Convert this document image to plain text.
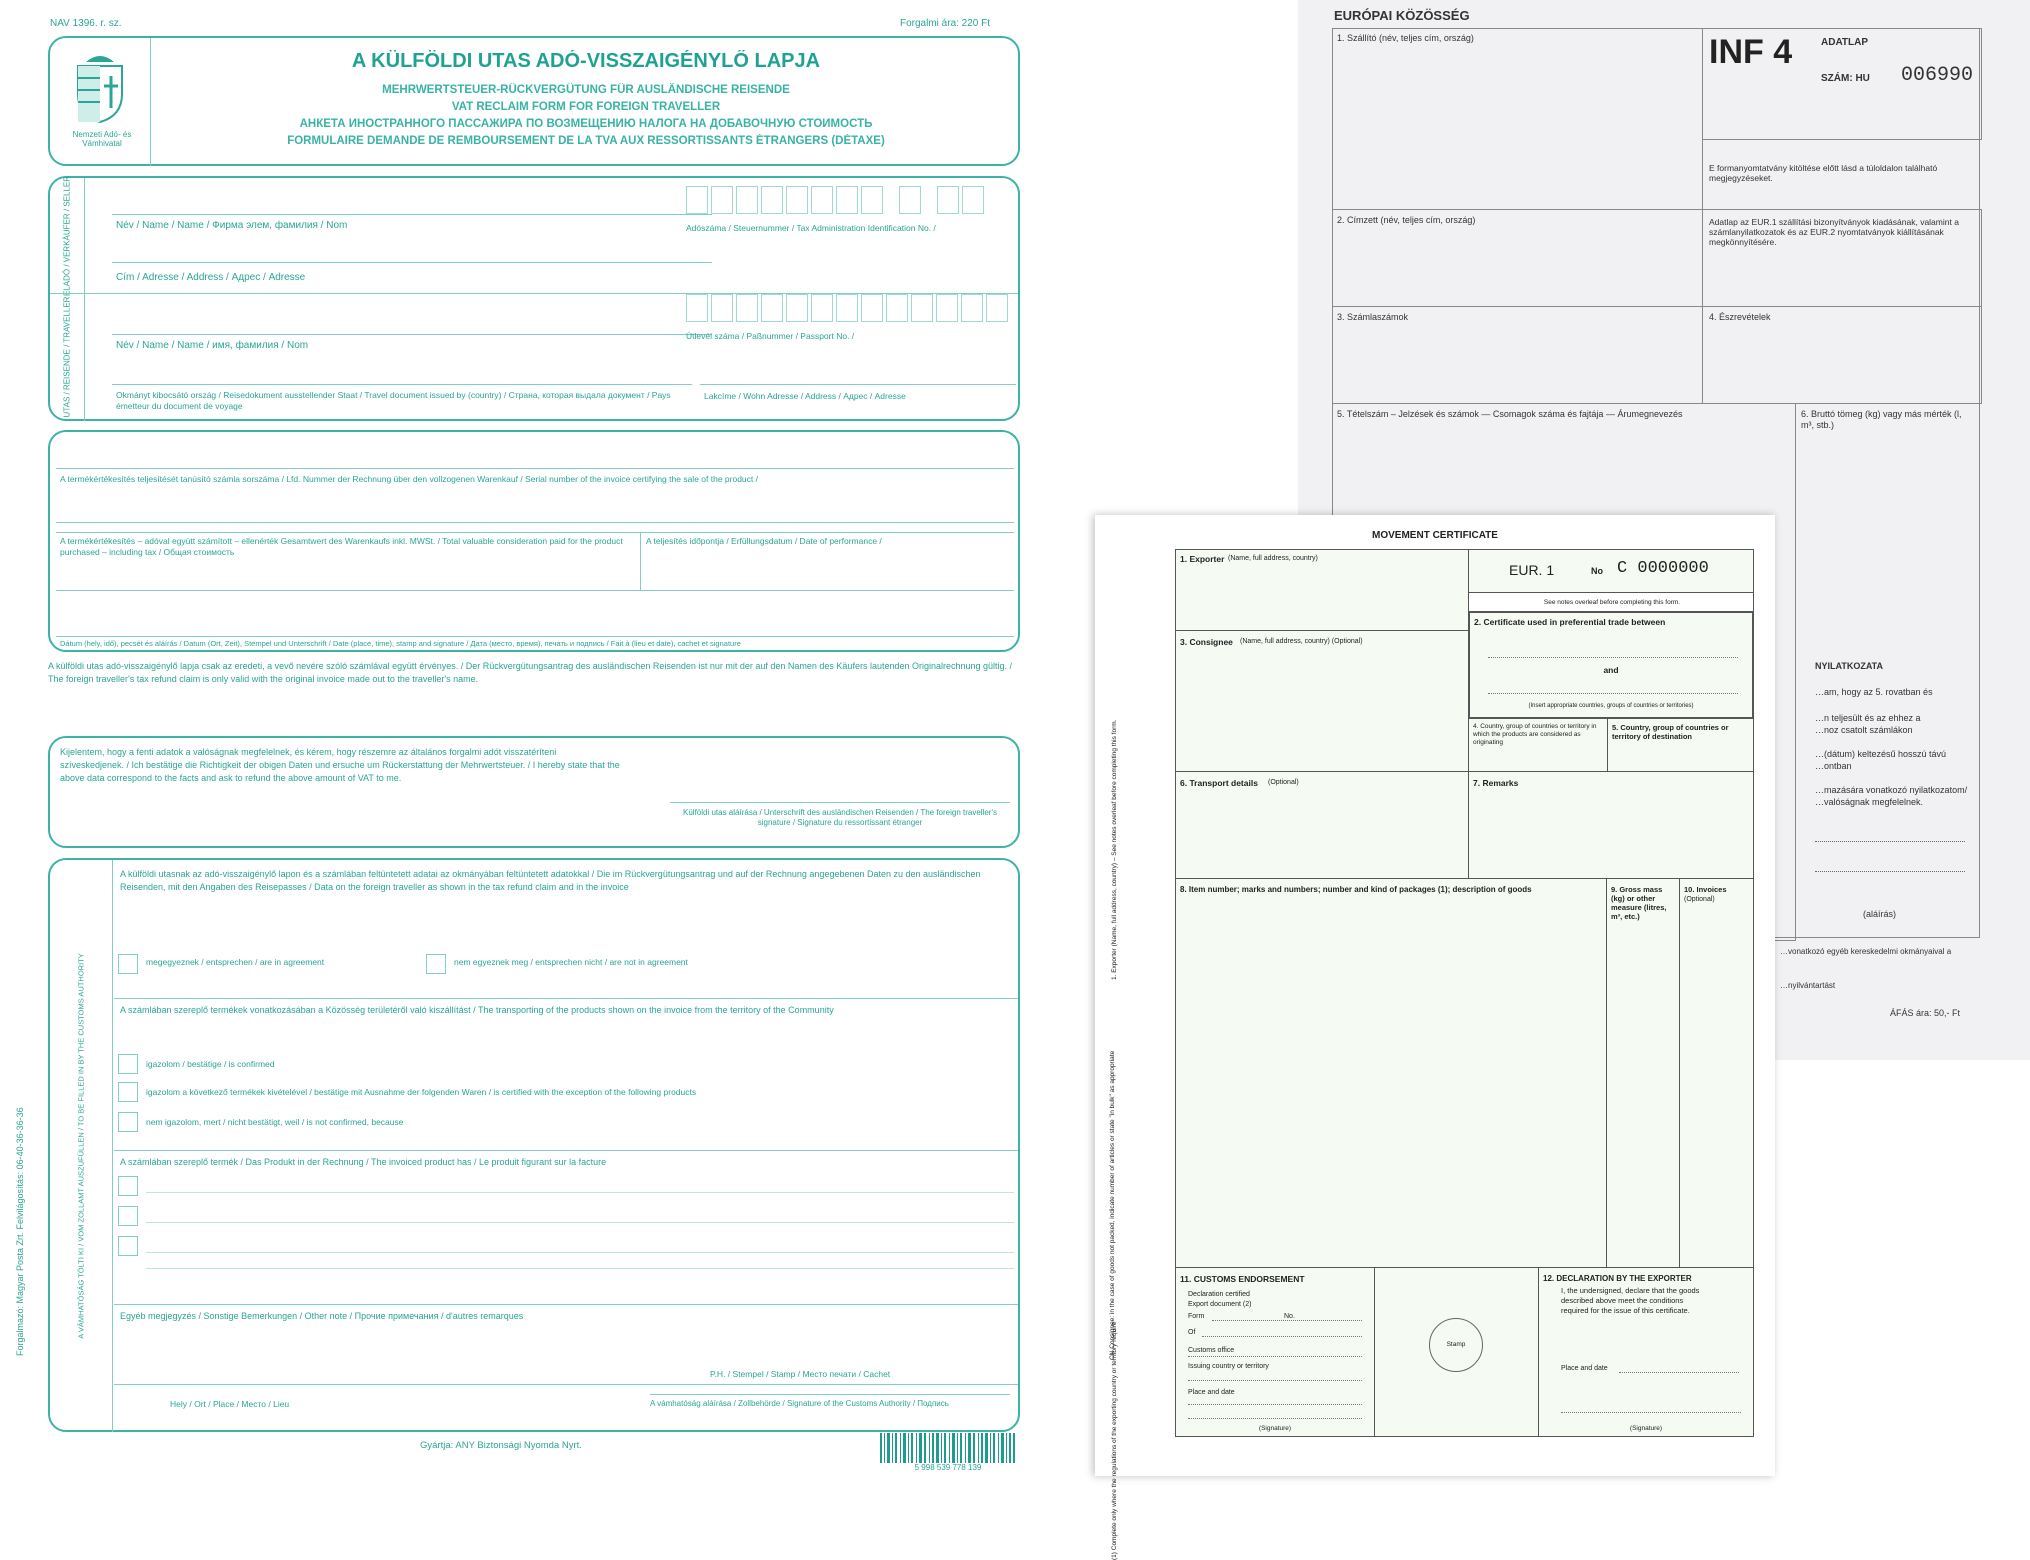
NAV 1396. r. sz.	Forgalmi ára: 220 Ft
Nemzeti Adó- és Vámhivatal
A KÜLFÖLDI UTAS ADÓ-VISSZAIGÉNYLŐ LAPJA
MEHRWERTSTEUER-RÜCKVERGÜTUNG FÜR AUSLÄNDISCHE REISENDE
VAT RECLAIM FORM FOR FOREIGN TRAVELLER
АНКЕТА ИНОСТРАННОГО ПАССАЖИРА ПО ВОЗМЕЩЕНИЮ НАЛОГА НА ДОБАВОЧНУЮ СТОИМОСТЬ
FORMULAIRE DEMANDE DE REMBOURSEMENT DE LA TVA AUX RESSORTISSANTS ÉTRANGERS (DÉTAXE)
ELADÓ / VERKÄUFER / SELLER
UTAS / REISENDE / TRAVELLER
Név / Name / Name / Фирма элем, фамилия / Nom
Cím / Adresse / Address / Адрес / Adresse
Adószáma / Steuernummer / Tax Administration Identification No. /
Név / Name / Name / имя, фамилия / Nom
Útlevél száma / Paßnummer / Passport No. /
Okmányt kibocsátó ország / Reisedokument ausstellender Staat / Travel document issued by (country) / Страна, которая выдала документ / Pays émetteur du document de voyage
Lakcíme / Wohn Adresse / Address / Адрес / Adresse
A termékértékesítés teljesítését tanúsító számla sorszáma / Lfd. Nummer der Rechnung über den vollzogenen Warenkauf / Serial number of the invoice certifying the sale of the product /
A termékértékesítés – adóval együtt számított – ellenérték Gesamtwert des Warenkaufs inkl. MWSt. / Total valuable consideration paid for the product purchased – including tax / Общая стоимость
A teljesítés időpontja / Erfüllungsdatum / Date of performance /
Dátum (hely, idő), pecsét és aláírás / Datum (Ort, Zeit), Stempel und Unterschrift / Date (place, time), stamp and signature / Дата (место, время), печать и подпись / Fait à (lieu et date), cachet et signature
A külföldi utas adó-visszaigénylő lapja csak az eredeti, a vevő nevére szóló számlával együtt érvényes. / Der Rückvergütungsantrag des ausländischen Reisenden ist nur mit der auf den Namen des Käufers lautenden Originalrechnung gültig. / The foreign traveller's tax refund claim is only valid with the original invoice made out to the traveller's name.
Kijelentem, hogy a fenti adatok a valóságnak megfelelnek, és kérem, hogy részemre az általános forgalmi adót visszatéríteni szíveskedjenek. / Ich bestätige die Richtigkeit der obigen Daten und ersuche um Rückerstattung der Mehrwertsteuer. / I hereby state that the above data correspond to the facts and ask to refund the above amount of VAT to me.
Külföldi utas aláírása / Unterschrift des ausländischen Reisenden / The foreign traveller's signature / Signature du ressortissant étranger
A VÁMHATÓSÁG TÖLTI KI / VOM ZOLLAMT AUSZUFÜLLEN / TO BE FILLED IN BY THE CUSTOMS AUTHORITY
A külföldi utasnak az adó-visszaigénylő lapon és a számlában feltüntetett adatai az okmányában feltüntetett adatokkal / Die im Rückvergütungsantrag und auf der Rechnung angegebenen Daten zu den ausländischen Reisenden, mit den Angaben des Reisepasses / Data on the foreign traveller as shown in the tax refund claim and in the invoice
megegyeznek / entsprechen / are in agreement	nem egyeznek meg / entsprechen nicht / are not in agreement
A számlában szereplő termékek vonatkozásában a Közösség területéről való kiszállítást / The transporting of the products shown on the invoice from the territory of the Community
igazolom / bestätige / is confirmed
igazolom a következő termékek kivételével / bestätige mit Ausnahme der folgenden Waren / is certified with the exception of the following products
nem igazolom, mert / nicht bestätigt, weil / is not confirmed, because
A számlában szereplő termék / Das Produkt in der Rechnung / The invoiced product has / Le produit figurant sur la facture
Egyéb megjegyzés / Sonstige Bemerkungen / Other note / Прочие примечания / d'autres remarques
P.H. / Stempel / Stamp / Место печати / Cachet
Hely / Ort / Place / Место / Lieu	A vámhatóság aláírása / Zollbehörde / Signature of the Customs Authority / Подпись
Gyártja: ANY Biztonsági Nyomda Nyrt.
Forgalmazó: Magyar Posta Zrt. Felvilágosítás: 06-40-36-36-36
5 998 539 778 139
EURÓPAI KÖZÖSSÉG
1. Szállító (név, teljes cím, ország)	INF 4	ADATLAP
SZÁM: HU 006990
E formanyomtatvány kitöltése előtt lásd a túloldalon található megjegyzéseket.
2. Címzett (név, teljes cím, ország)	Adatlap az EUR.1 szállítási bizonyítványok kiadásának, valamint a számlanyilatkozatok és az EUR.2 nyomtatványok kiállításának megkönnyítésére.
3. Számlaszámok	4. Észrevételek
5. Tételszám – Jelzések és számok — Csomagok száma és fajtája — Árumegnevezés	6. Bruttó tömeg (kg) vagy más mérték (l, m³, stb.)
NYILATKOZATA
…am, hogy az 5. rovatban és
…n teljesült és az ehhez a
…noz csatolt számlákon
…(dátum) keltezésű hosszú távú
…ontban
…mazására vonatkozó nyilatkozatom/
…valóságnak megfelelnek.
(aláírás)
…vonatkozó egyéb kereskedelmi okmányaival a
…nyilvántartást
ÁFÁS ára: 50,- Ft
MOVEMENT CERTIFICATE
1. Exporter (Name, full address, country) – See notes overleaf before completing this form.
CN Consignee: in the case of goods not packed, indicate number of articles or state "in bulk" as appropriate
(1) Complete only where the regulations of the exporting country or territory require
1. Exporter (Name, full address, country)
EUR. 1	No C 0000000
See notes overleaf before completing this form.
2. Certificate used in preferential trade between
and
(Insert appropriate countries, groups of countries or territories)
3. Consignee (Name, full address, country) (Optional)
4. Country, group of countries or territory in which the products are considered as originating
5. Country, group of countries or territory of destination
6. Transport details (Optional)	7. Remarks
8. Item number; marks and numbers; number and kind of packages (1); description of goods	9. Gross mass (kg) or other measure (litres, m³, etc.)
10. Invoices
(Optional)
11. CUSTOMS ENDORSEMENT
Declaration certified
Export document (2)
Form	No.
Of
Customs office
Issuing country or territory
Place and date
(Signature)
Stamp
12. DECLARATION BY THE EXPORTER
I, the undersigned, declare that the goods
described above meet the conditions
required for the issue of this certificate.
Place and date
(Signature)
